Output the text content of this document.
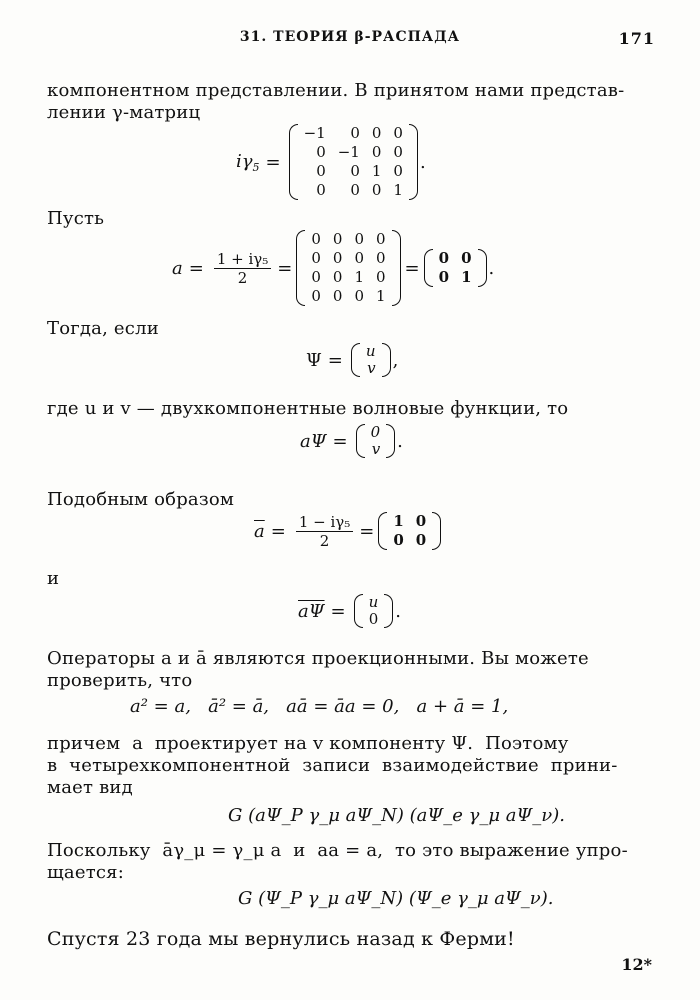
31. ТЕОРИЯ β-РАСПАДА	171
компонентном представлении. В принятом нами представ-
лении γ-матриц
$i\gamma_5$ =
−1	0	0	0
0	−1	0	0
0	0	1	0
0	0	0	1
.
Пусть
$a = \frac{\text{1 + iγ₅}}{2}$ =
0	0	0	0
0	0	0	0
0	0	1	0
0	0	0	1
= 0	0
0	1 .
Тогда, если
Ψ = u
v ,
где u и v — двухкомпонентные волновые функции, то
aΨ = 0
v .
Подобным образом
$\overline{a} = \frac{\text{1 − iγ₅}}{2} = 1$	0
0	0
и
$\overline{a\Psi} = u$
0 .
Операторы a и ā являются проекционными. Вы можете
проверить, что
a² = a,   ā² = ā,   aā = āa = 0,   a + ā = 1,
причем  a  проектирует на v компоненту Ψ.  Поэтому
в  четырехкомпонентной  записи  взаимодействие  прини-
мает вид
G (aΨ_P γ_μ aΨ_N) (aΨ_e γ_μ aΨ_ν).
Поскольку  āγ_μ = γ_μ a  и  aa = a,  то это выражение упро-
щается:
G (Ψ_P γ_μ aΨ_N) (Ψ_e γ_μ aΨ_ν).
Спустя 23 года мы вернулись назад к Ферми!
12*
